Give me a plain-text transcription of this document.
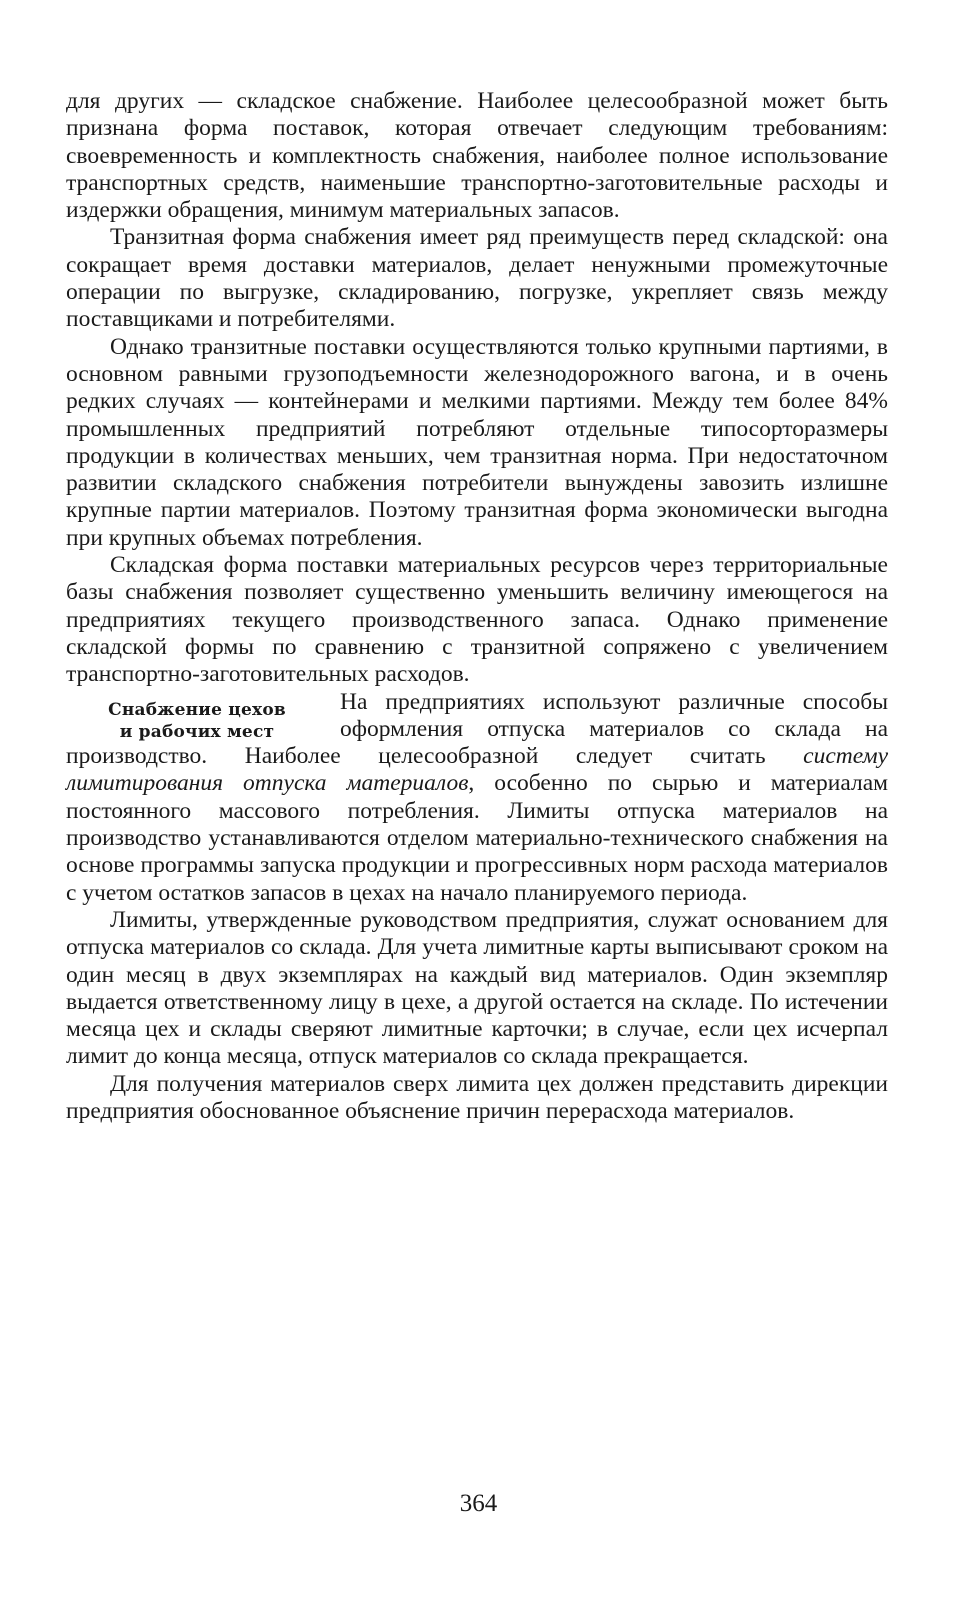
для других — складское снабжение. Наиболее целесообразной может быть признана форма поставок, которая отвечает следующим требованиям: своевременность и комплектность снабжения, наиболее полное использование транспортных средств, наименьшие транспортно-заготовительные расходы и издержки обращения, минимум материальных запасов.

Транзитная форма снабжения имеет ряд преимуществ перед складской: она сокращает время доставки материалов, делает ненужными промежуточные операции по выгрузке, складированию, погрузке, укрепляет связь между поставщиками и потребителями.

Однако транзитные поставки осуществляются только крупными партиями, в основном равными грузоподъемности железнодорожного вагона, и в очень редких случаях — контейнерами и мелкими партиями. Между тем более 84% промышленных предприятий потребляют отдельные типосорторазмеры продукции в количествах меньших, чем транзитная норма. При недостаточном развитии складского снабжения потребители вынуждены завозить излишне крупные партии материалов. Поэтому транзитная форма экономически выгодна при крупных объемах потребления.

Складская форма поставки материальных ресурсов через территориальные базы снабжения позволяет существенно уменьшить величину имеющегося на предприятиях текущего производственного запаса. Однако применение складской формы по сравнению с транзитной сопряжено с увеличением транспортно-заготовительных расходов.

Снабжение цехов
и рабочих мест

На предприятиях используют различные способы оформления отпуска материалов со склада на производство. Наиболее целесообразной следует считать систему лимитирования отпуска материалов, особенно по сырью и материалам постоянного массового потребления. Лимиты отпуска материалов на производство устанавливаются отделом материально-технического снабжения на основе программы запуска продукции и прогрессивных норм расхода материалов с учетом остатков запасов в цехах на начало планируемого периода.

Лимиты, утвержденные руководством предприятия, служат основанием для отпуска материалов со склада. Для учета лимитные карты выписывают сроком на один месяц в двух экземплярах на каждый вид материалов. Один экземпляр выдается ответственному лицу в цехе, а другой остается на складе. По истечении месяца цех и склады сверяют лимитные карточки; в случае, если цех исчерпал лимит до конца месяца, отпуск материалов со склада прекращается.

Для получения материалов сверх лимита цех должен представить дирекции предприятия обоснованное объяснение причин перерасхода материалов.

364
